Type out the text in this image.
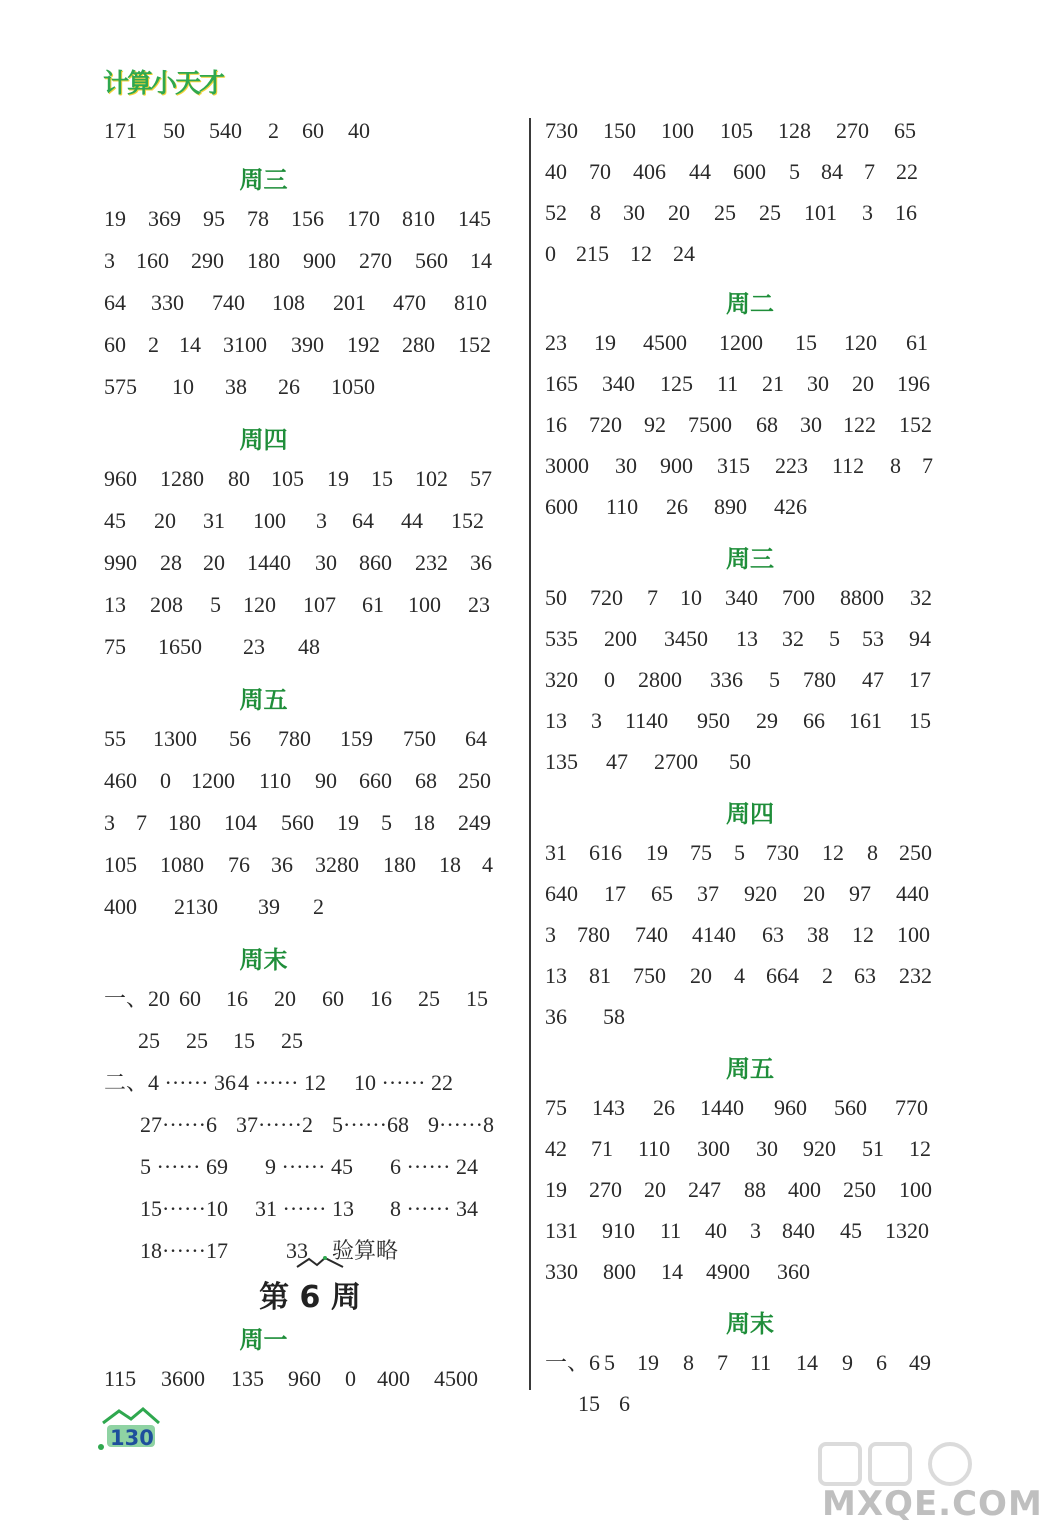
计算小天才
171 50 540 2 60 40
周三
19 369 95 78 156 170 810 145
3 160 290 180 900 270 560 14
64 330 740 108 201 470 810
60 2 14 3100 390 192 280 152
575 10 38 26 1050
周四
960 1280 80 105 19 15 102 57
45 20 31 100 3 64 44 152
990 28 20 1440 30 860 232 36
13 208 5 120 107 61 100 23
75 1650 23 48
周五
55 1300 56 780 159 750 64
460 0 1200 110 90 660 68 250
3 7 180 104 560 19 5 18 249
105 1080 76 36 3280 180 18 4
400 2130 39 2
周末
一、20 60 16 20 60 16 25 15
25 25 15 25
二、4 ······ 36 4 ······ 12 10 ······ 22
27······6 37······2 5······68 9······8
5 ······ 69 9 ······ 45 6 ······ 24
15······10 31 ······ 13 8 ······ 34
18······17	33 验算略
周一
115 3600 135 960 0 400 4500
730 150 100 105 128 270 65
40 70 406 44 600 5 84 7 22
52 8 30 20 25 25 101 3 16
0 215 12 24
周二
23 19 4500 1200 15 120 61
165 340 125 11 21 30 20 196
16 720 92 7500 68 30 122 152
3000 30 900 315 223 112 8 7
600 110 26 890 426
周三
50 720 7 10 340 700 8800 32
535 200 3450 13 32 5 53 94
320 0 2800 336 5 780 47 17
13 3 1140 950 29 66 161 15
135 47 2700 50
周四
31 616 19 75 5 730 12 8 250
640 17 65 37 920 20 97 440
3 780 740 4140 63 38 12 100
13 81 750 20 4 664 2 63 232
36 58
周五
75 143 26 1440 960 560 770
42 71 110 300 30 920 51 12
19 270 20 247 88 400 250 100
131 910 11 40 3 840 45 1320
330 800 14 4900 360
周末
一、6 5 19 8 7 11 14 9 6 49
15 6
第 6 周
130
MXQE.COM
